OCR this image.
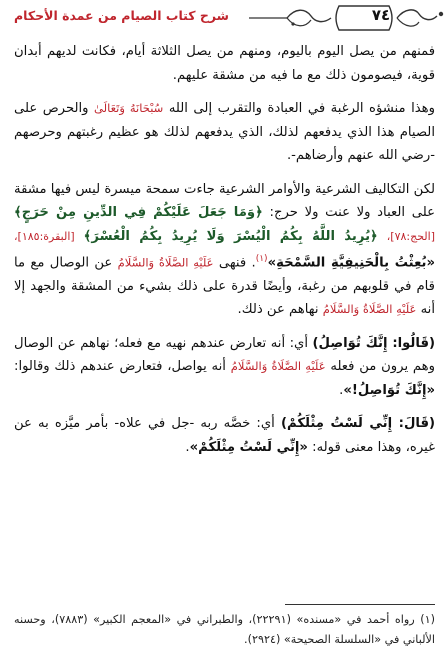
شرح كتاب الصيام من عمدة الأحكام	٧٤

فمنهم من يصل اليوم باليوم، ومنهم من يصل الثلاثة أيام، فكانت لديهم أبدان قوية، فيصومون ذلك مع ما فيه من مشقة عليهم.

وهذا منشؤه الرغبة في العبادة والتقرب إلى الله سُبْحَانَهُ وَتَعَالَىٰ والحرص على الصيام هذا الذي يدفعهم لذلك، الذي يدفعهم لذلك هو عظيم رغبتهم وحرصهم -رضي الله عنهم وأرضاهم-.

لكن التكاليف الشرعية والأوامر الشرعية جاءت سمحة ميسرة ليس فيها مشقة على العباد ولا عنت ولا حرج: ﴿وَمَا جَعَلَ عَلَيْكُمْ فِي الدِّينِ مِنْ حَرَجٍ﴾ [الحج:٧٨]، ﴿يُرِيدُ اللَّهُ بِكُمُ الْيُسْرَ وَلَا يُرِيدُ بِكُمُ الْعُسْرَ﴾ [البقرة:١٨٥]، «بُعِثْتُ بِالْحَنِيفِيَّةِ السَّمْحَةِ»$^{(١)}$. فنهى عَلَيْهِ الصَّلَاةُ وَالسَّلَامُ عن الوصال مع ما قام في قلوبهم من رغبة، وأيضًا قدرة على ذلك بشيء من المشقة والجهد إلا أنه عَلَيْهِ الصَّلَاةُ وَالسَّلَامُ نهاهم عن ذلك.

(قَالُوا: إِنَّكَ تُوَاصِلُ) أي: أنه تعارض عندهم نهيه مع فعله؛ نهاهم عن الوصال وهم يرون من فعله عَلَيْهِ الصَّلَاةُ وَالسَّلَامُ أنه يواصل، فتعارض عندهم ذلك وقالوا: «إِنَّكَ تُوَاصِلُ!».

(قَالَ: إِنِّي لَسْتُ مِثْلَكُمْ) أي: خصَّه ربه -جل في علاه- بأمر ميَّزه به عن غيره، وهذا معنى قوله: «إِنِّي لَسْتُ مِثْلَكُمْ».

(١) رواه أحمد في «مسنده» (٢٢٢٩١)، والطبراني في «المعجم الكبير» (٧٨٨٣)، وحسنه الألباني في «السلسلة الصحيحة» (٢٩٢٤).
